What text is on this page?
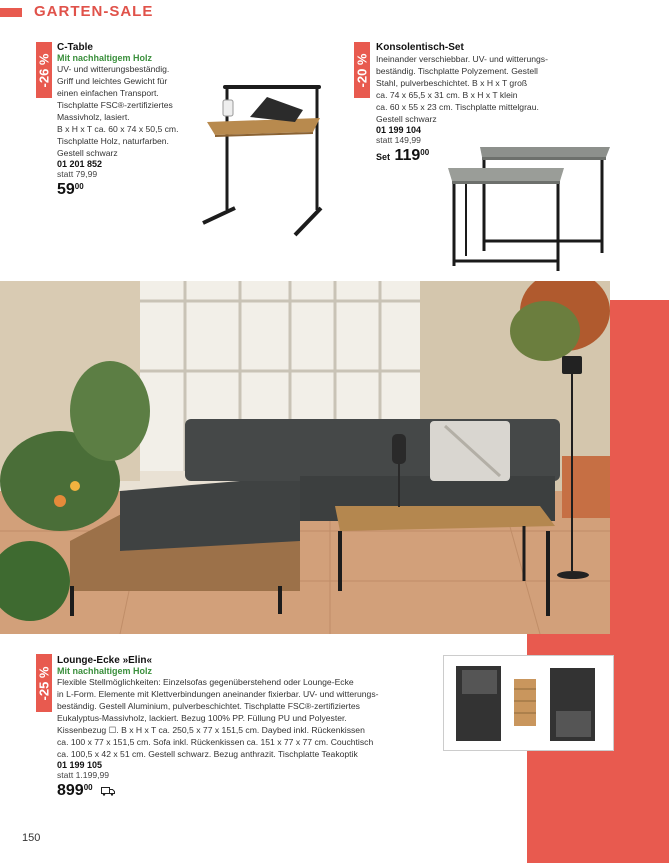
GARTEN-SALE
-26 %
C-Table
Mit nachhaltigem Holz
UV- und witterungsbeständig.
Griff und leichtes Gewicht für
einen einfachen Transport.
Tischplatte FSC®-zertifiziertes
Massivholz, lasiert.
B x H x T ca. 60 x 74 x 50,5 cm.
Tischplatte Holz, naturfarben.
Gestell schwarz
01 201 852
statt 79,99
$59^{00}$
-20 %
Konsolentisch-Set
Ineinander verschiebbar. UV- und witterungs-
beständig. Tischplatte Polyzement. Gestell
Stahl, pulverbeschichtet. B x H x T groß
ca. 74 x 65,5 x 31 cm. B x H x T klein
ca. 60 x 55 x 23 cm. Tischplatte mittelgrau.
Gestell schwarz
01 199 104
statt 149,99
Set $119^{00}$
-25 %
Lounge-Ecke »Elin«
Mit nachhaltigem Holz
Flexible Stellmöglichkeiten: Einzelsofas gegenüberstehend oder Lounge-Ecke
in L-Form. Elemente mit Klettverbindungen aneinander fixierbar. UV- und witterungs-
beständig. Gestell Aluminium, pulverbeschichtet. Tischplatte FSC®-zertifiziertes
Eukalyptus-Massivholz, lackiert. Bezug 100% PP. Füllung PU und Polyester.
Kissenbezug ☐. B x H x T ca. 250,5 x 77 x 151,5 cm. Daybed inkl. Rückenkissen
ca. 100 x 77 x 151,5 cm. Sofa inkl. Rückenkissen ca. 151 x 77 x 77 cm. Couchtisch
ca. 100,5 x 42 x 51 cm. Gestell schwarz. Bezug anthrazit. Tischplatte Teakoptik
01 199 105
statt 1.199,99
$899^{00}$
150
